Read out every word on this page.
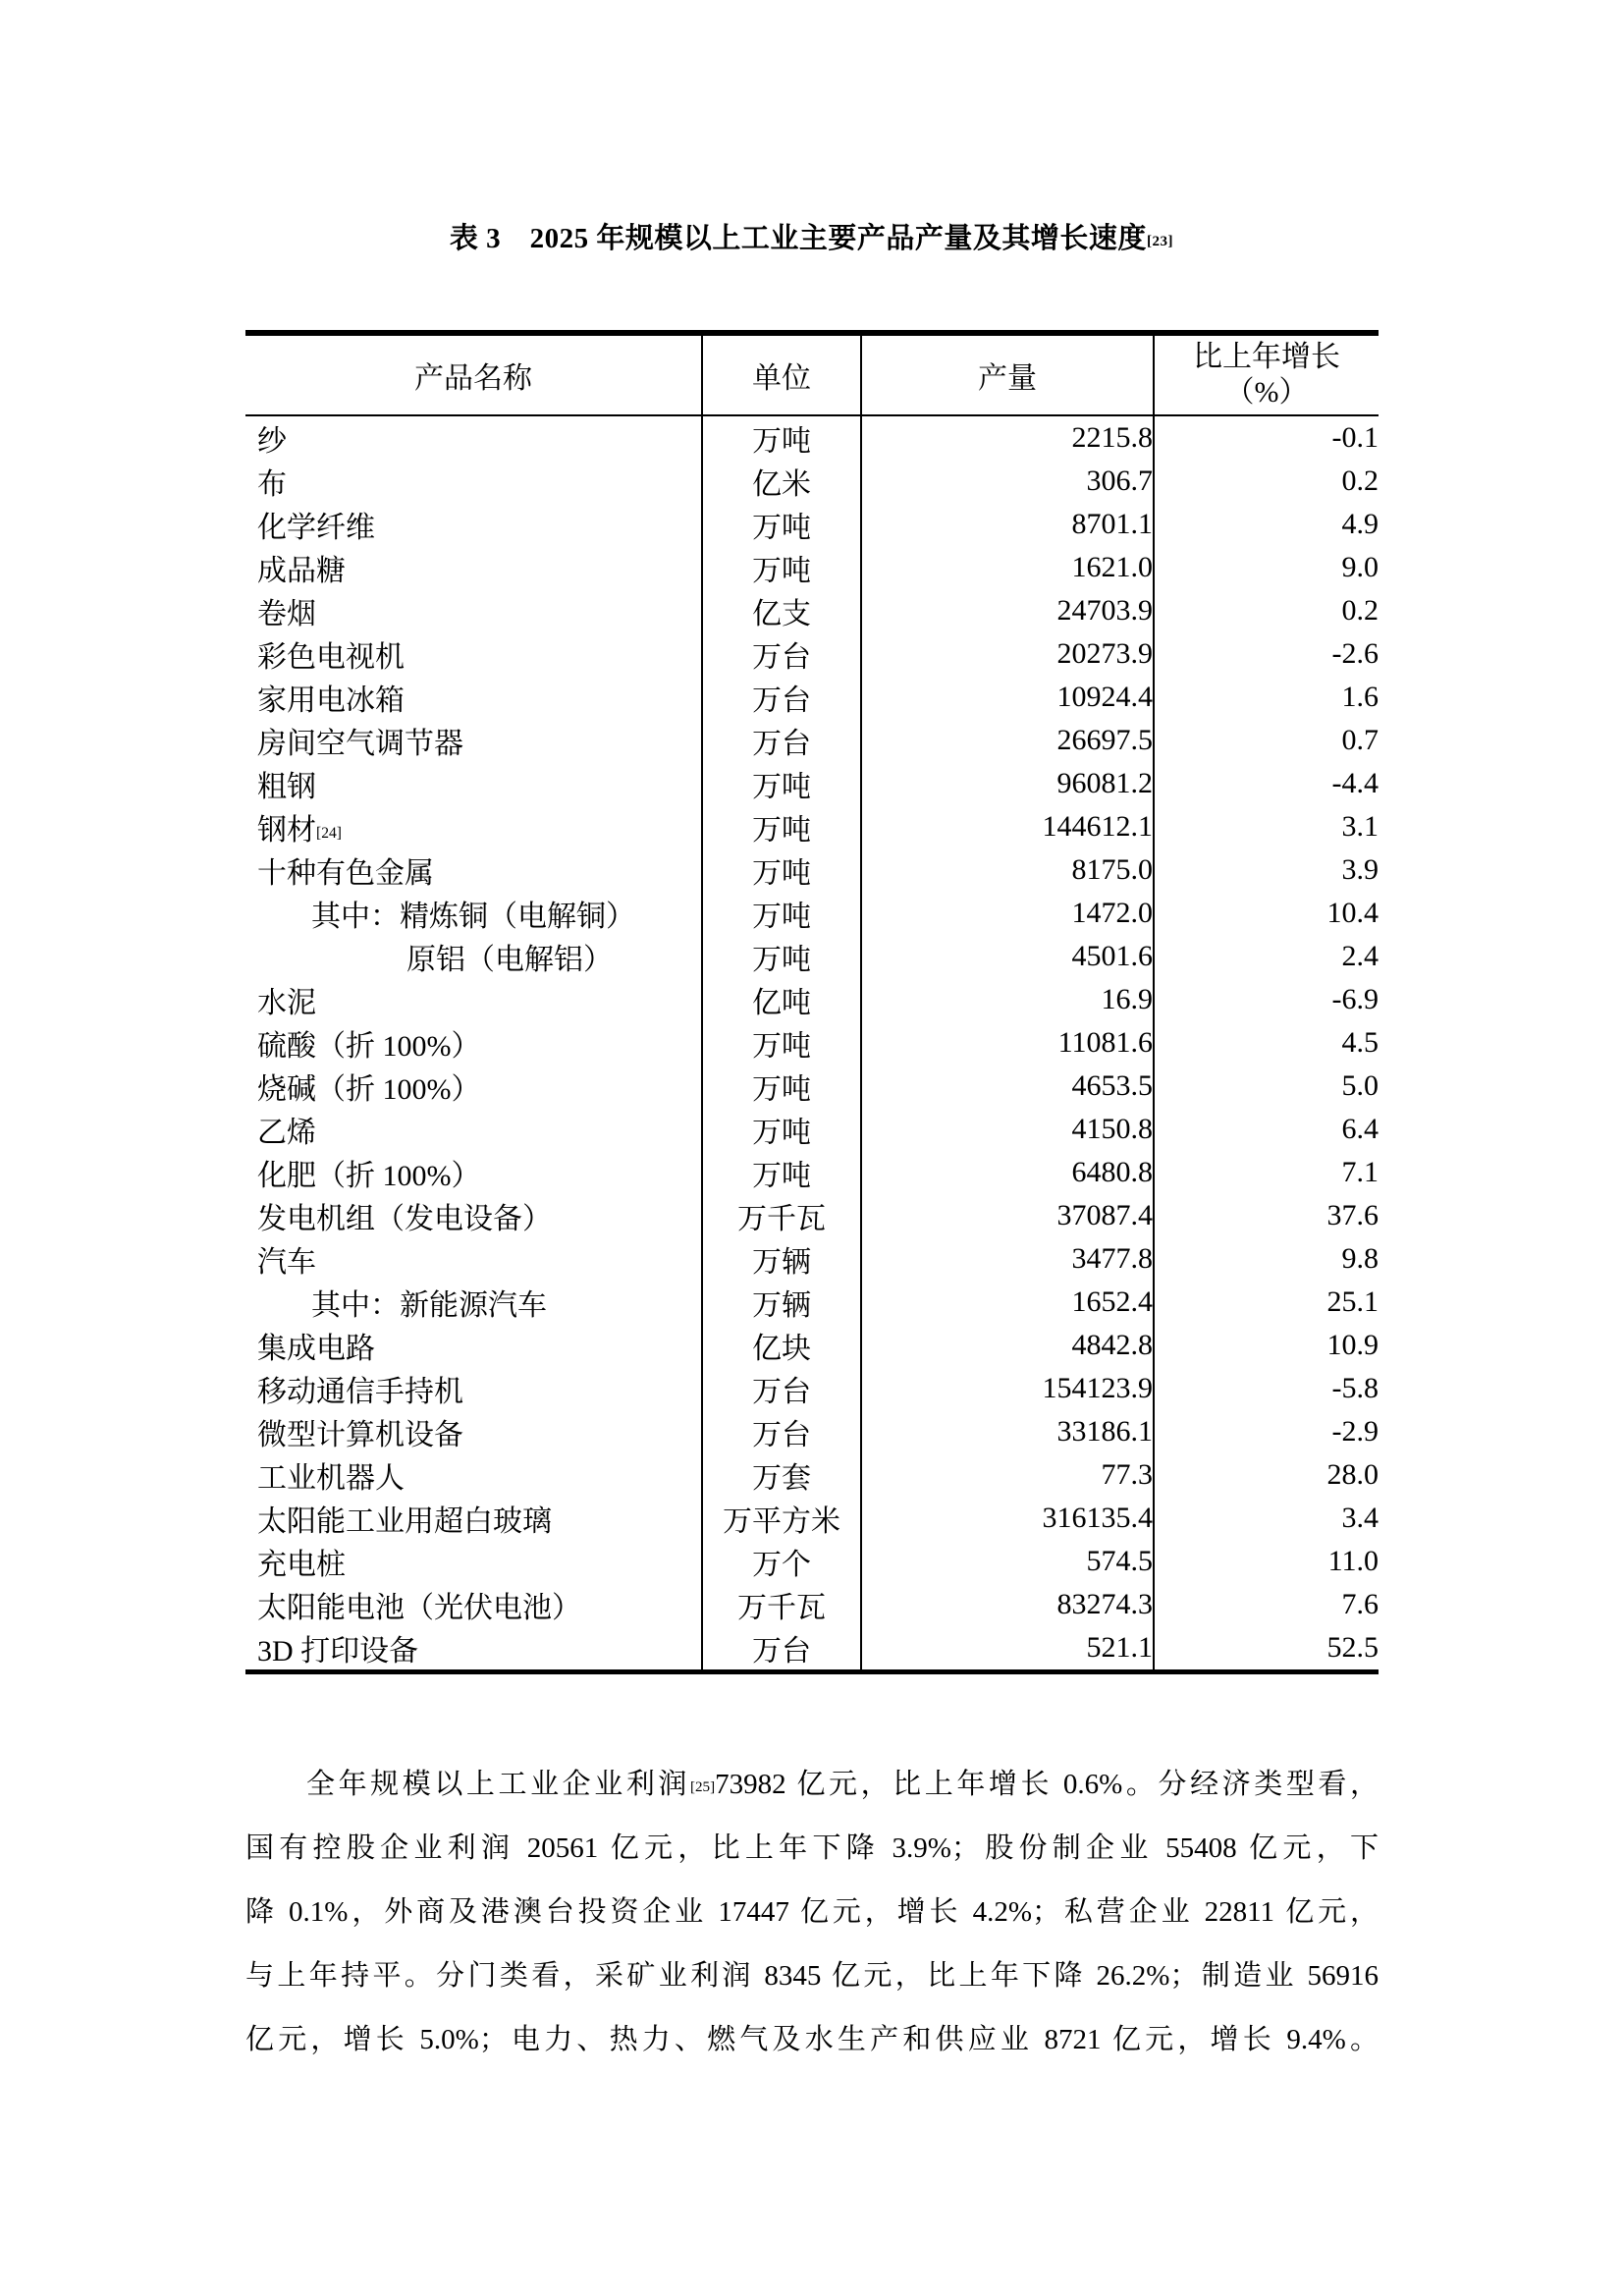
表 3　2025 年规模以上工业主要产品产量及其增长速度[23]
产品名称	单位	产量	比上年增长
（%）

纱	万吨	2215.8	-0.1
布	亿米	306.7	0.2
化学纤维	万吨	8701.1	4.9
成品糖	万吨	1621.0	9.0
卷烟	亿支	24703.9	0.2
彩色电视机	万台	20273.9	-2.6
家用电冰箱	万台	10924.4	1.6
房间空气调节器	万台	26697.5	0.7
粗钢	万吨	96081.2	-4.4
钢材[24]	万吨	144612.1	3.1
十种有色金属	万吨	8175.0	3.9
其中：精炼铜（电解铜）	万吨	1472.0	10.4
原铝（电解铝）	万吨	4501.6	2.4
水泥	亿吨	16.9	-6.9
硫酸（折 100%）	万吨	11081.6	4.5
烧碱（折 100%）	万吨	4653.5	5.0
乙烯	万吨	4150.8	6.4
化肥（折 100%）	万吨	6480.8	7.1
发电机组（发电设备）	万千瓦	37087.4	37.6
汽车	万辆	3477.8	9.8
其中：新能源汽车	万辆	1652.4	25.1
集成电路	亿块	4842.8	10.9
移动通信手持机	万台	154123.9	-5.8
微型计算机设备	万台	33186.1	-2.9
工业机器人	万套	77.3	28.0
太阳能工业用超白玻璃	万平方米	316135.4	3.4
充电桩	万个	574.5	11.0
太阳能电池（光伏电池）	万千瓦	83274.3	7.6
3D 打印设备	万台	521.1	52.5

全年规模以上工业企业利润[25]73982 亿元，比上年增长 0.6%。分经济类型看，

国有控股企业利润 20561 亿元，比上年下降 3.9%；股份制企业 55408 亿元，下

降 0.1%，外商及港澳台投资企业 17447 亿元，增长 4.2%；私营企业 22811 亿元，

与上年持平。分门类看，采矿业利润 8345 亿元，比上年下降 26.2%；制造业 56916

亿元，增长 5.0%；电力、热力、燃气及水生产和供应业 8721 亿元，增长 9.4%。
